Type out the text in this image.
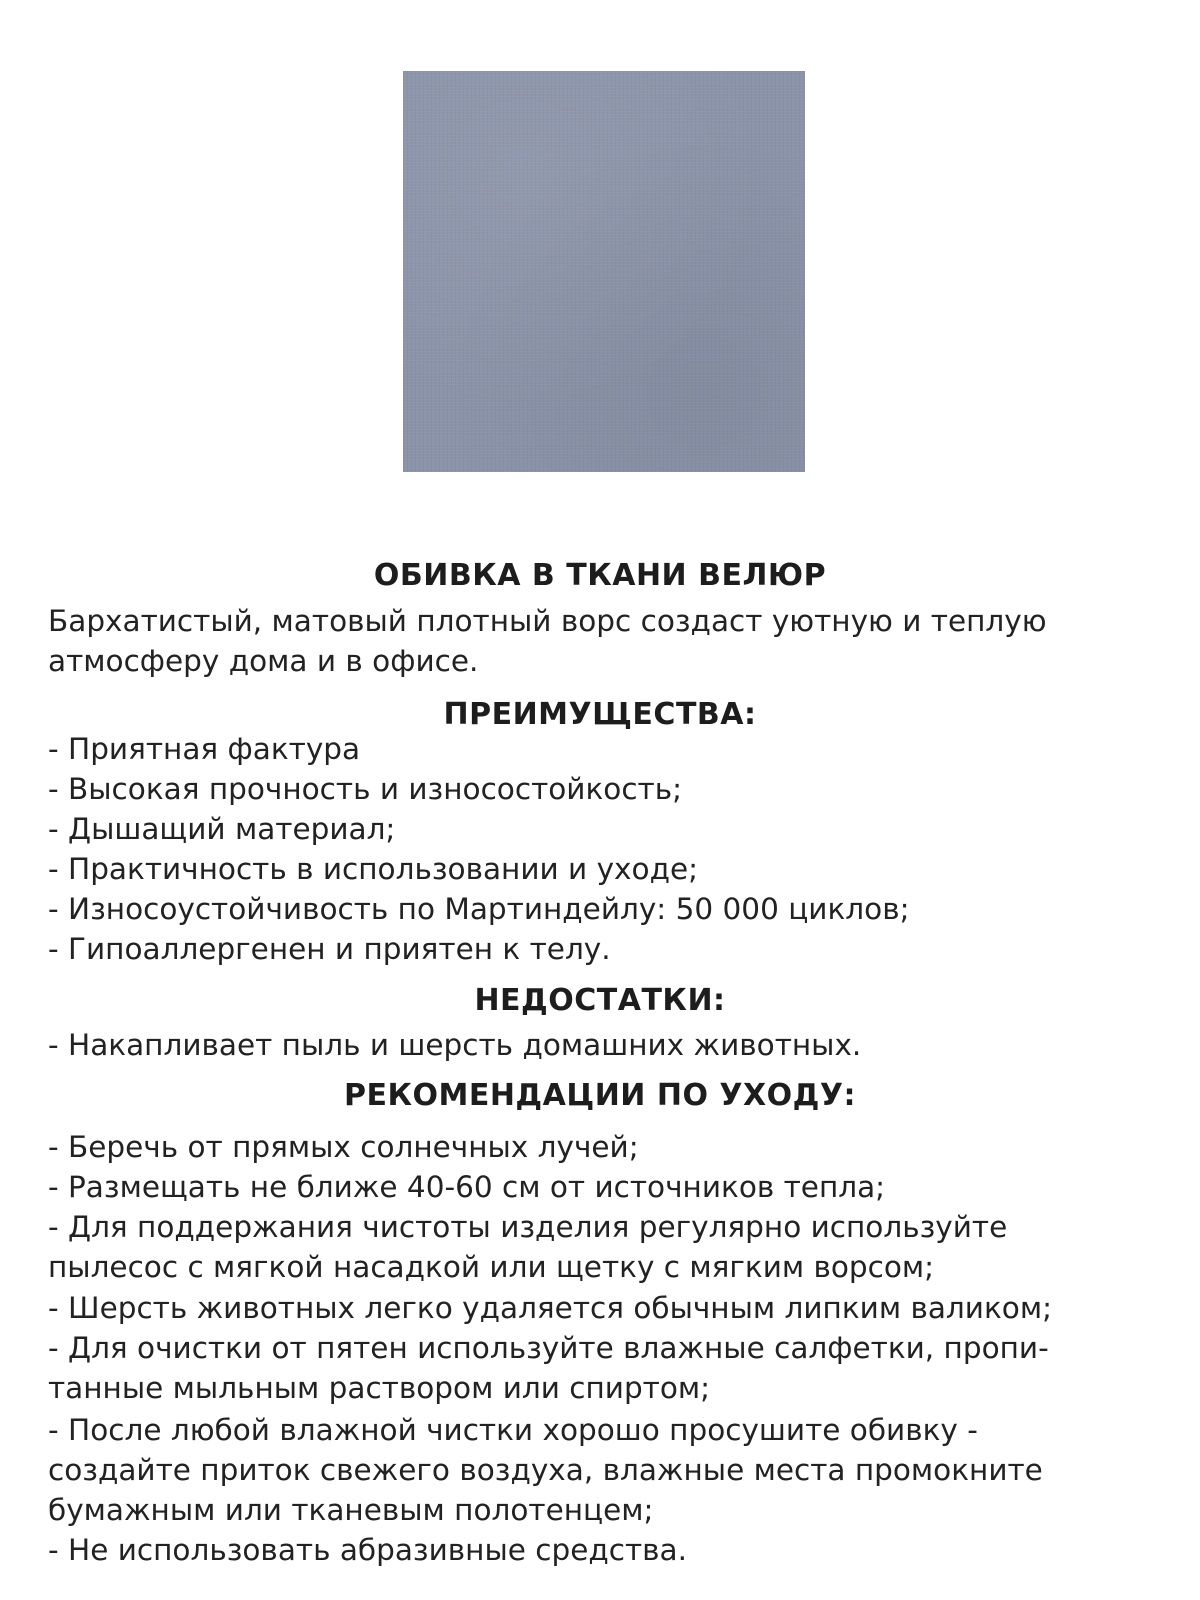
ОБИВКА В ТКАНИ ВЕЛЮР

Бархатистый, матовый плотный ворс создаст уютную и теплую

атмосферу дома и в офисе.

ПРЕИМУЩЕСТВА:

- Приятная фактура

- Высокая прочность и износостойкость;

- Дышащий материал;

- Практичность в использовании и уходе;

- Износоустойчивость по Мартиндейлу: 50 000 циклов;

- Гипоаллергенен и приятен к телу.

НЕДОСТАТКИ:

- Накапливает пыль и шерсть домашних животных.

РЕКОМЕНДАЦИИ ПО УХОДУ:

- Беречь от прямых солнечных лучей;

- Размещать не ближе 40-60 см от источников тепла;

- Для поддержания чистоты изделия регулярно используйте

пылесос с мягкой насадкой или щетку с мягким ворсом;

- Шерсть животных легко удаляется обычным липким валиком;

- Для очистки от пятен используйте влажные салфетки, пропи-

танные мыльным раствором или спиртом;

- После любой влажной чистки хорошо просушите обивку -

создайте приток свежего воздуха, влажные места промокните

бумажным или тканевым полотенцем;

- Не использовать абразивные средства.
